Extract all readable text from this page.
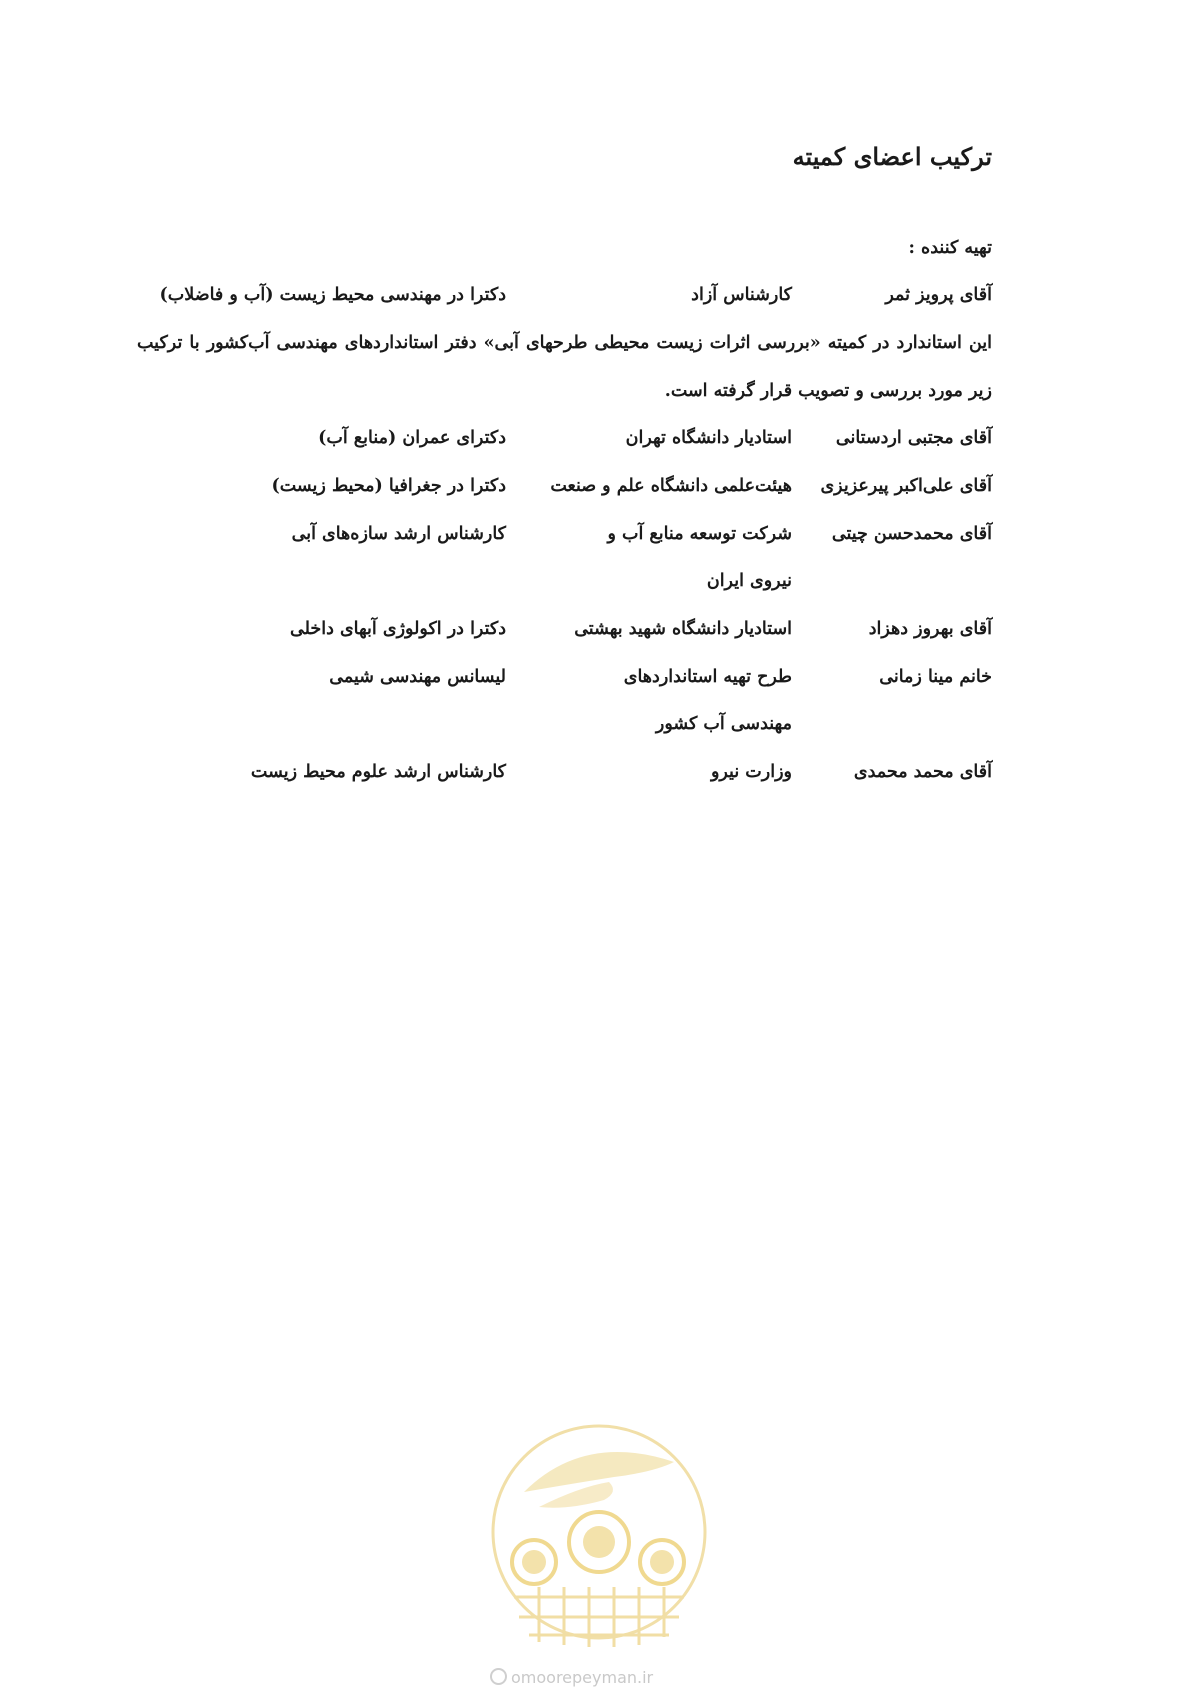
ترکیب اعضای کمیته
تهیه کننده :
آقای پرویز ثمر
کارشناس آزاد
دکترا در مهندسی محیط زیست (آب و فاضلاب)
این استاندارد در کمیته «بررسی اثرات زیست محیطی طرحهای آبی» دفتر استانداردهای مهندسی آب‌کشور با ترکیب
زیر مورد بررسی و تصویب قرار گرفته است.
آقای مجتبی اردستانی
استادیار دانشگاه تهران
دکترای عمران (منابع آب)
آقای علی‌اکبر پیرعزیزی
هیئت‌علمی دانشگاه علم و صنعت
دکترا در جغرافیا (محیط زیست)
آقای محمدحسن چیتی
شرکت توسعه منابع آب و
کارشناس ارشد سازه‌های آبی
نیروی ایران
آقای بهروز دهزاد
استادیار دانشگاه شهید بهشتی
دکترا در اکولوژی آبهای داخلی
خانم مینا زمانی
طرح تهیه استانداردهای
لیسانس مهندسی شیمی
مهندسی آب کشور
آقای محمد محمدی
وزارت نیرو
کارشناس ارشد علوم محیط زیست
omoorepeyman.ir
